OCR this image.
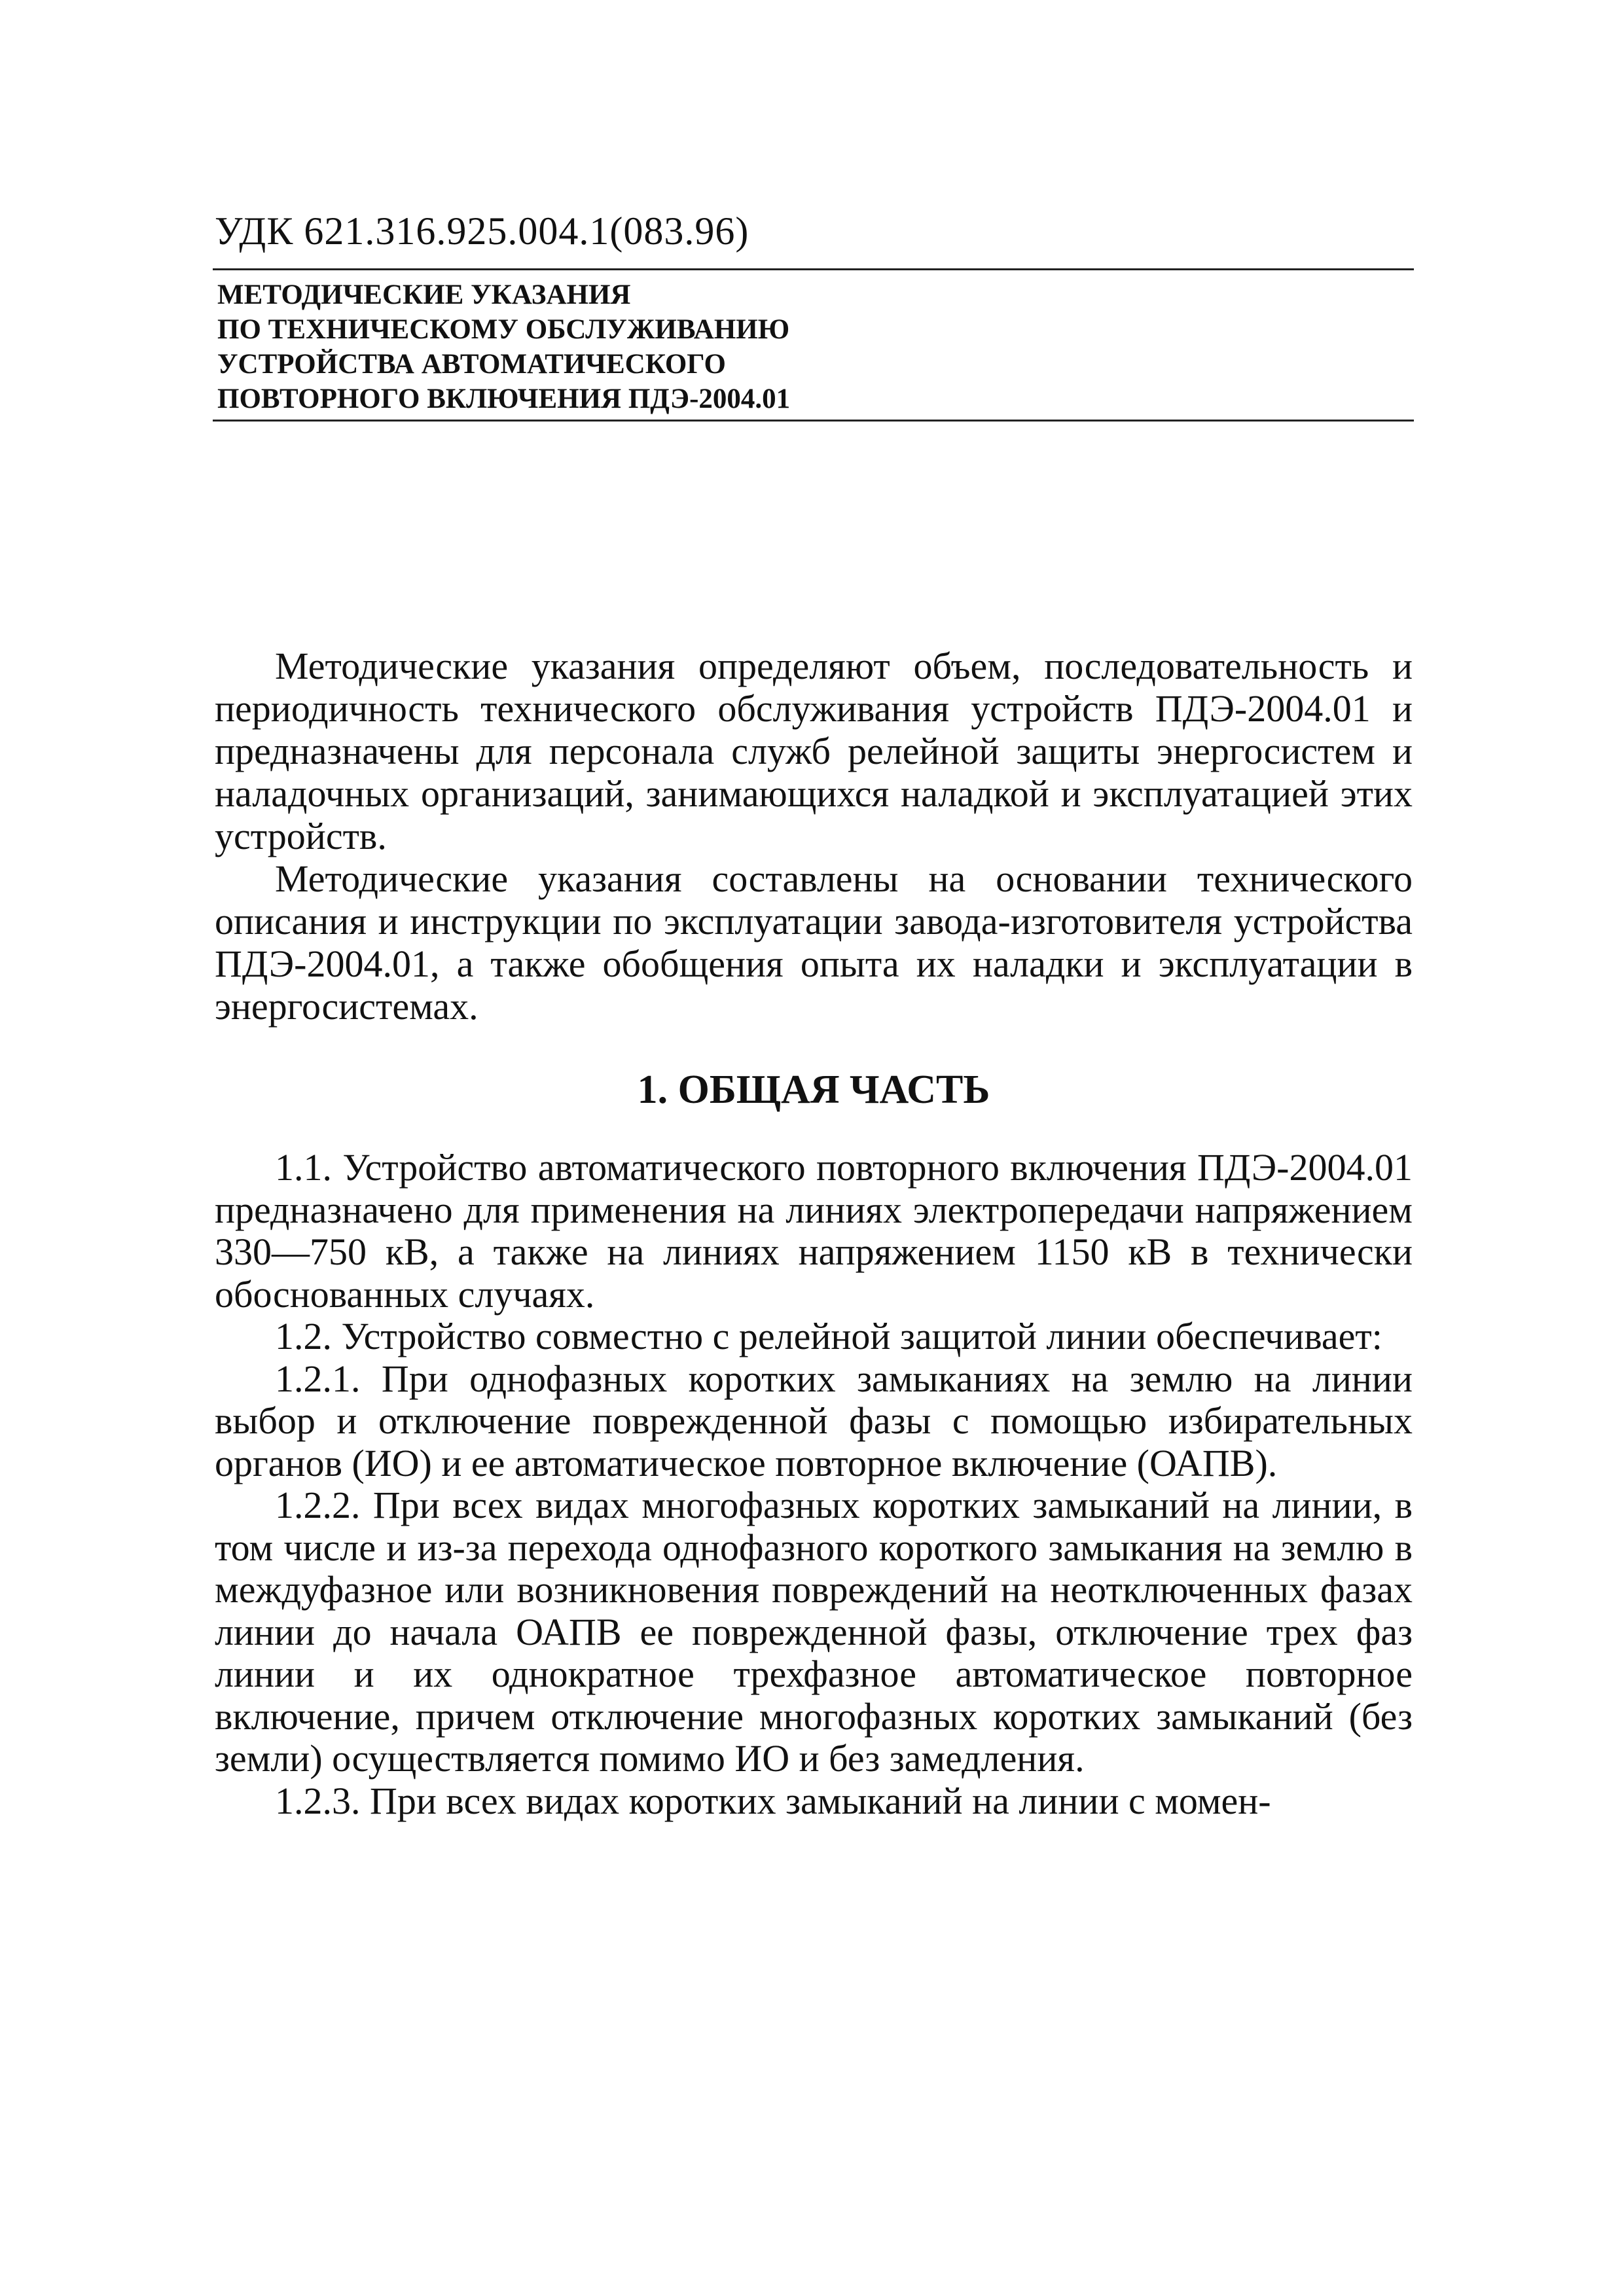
УДК 621.316.925.004.1(083.96)
МЕТОДИЧЕСКИЕ УКАЗАНИЯ
ПО ТЕХНИЧЕСКОМУ ОБСЛУЖИВАНИЮ
УСТРОЙСТВА АВТОМАТИЧЕСКОГО
ПОВТОРНОГО ВКЛЮЧЕНИЯ ПДЭ-2004.01

Методические указания определяют объем, последовательность и периодичность технического обслуживания устройств ПДЭ-2004.01 и предназначены для персонала служб релейной защиты энергосистем и наладочных организаций, занимающихся наладкой и эксплуатацией этих устройств.

Методические указания составлены на основании технического описания и инструкции по эксплуатации завода-изготовителя устройства ПДЭ-2004.01, а также обобщения опыта их наладки и эксплуатации в энергосистемах.

1. ОБЩАЯ ЧАСТЬ

1.1. Устройство автоматического повторного включения ПДЭ-2004.01 предназначено для применения на линиях электропередачи напряжением 330—750 кВ, а также на линиях напряжением 1150 кВ в технически обоснованных случаях.

1.2. Устройство совместно с релейной защитой линии обеспечивает:

1.2.1. При однофазных коротких замыканиях на землю на линии выбор и отключение поврежденной фазы с помощью избирательных органов (ИО) и ее автоматическое повторное включение (ОАПВ).

1.2.2. При всех видах многофазных коротких замыканий на линии, в том числе и из-за перехода однофазного короткого замыкания на землю в междуфазное или возникновения повреждений на неотключенных фазах линии до начала ОАПВ ее поврежденной фазы, отключение трех фаз линии и их однократное трехфазное автоматическое повторное включение, причем отключение многофазных коротких замыканий (без земли) осуществляется помимо ИО и без замедления.

1.2.3. При всех видах коротких замыканий на линии с момен-
